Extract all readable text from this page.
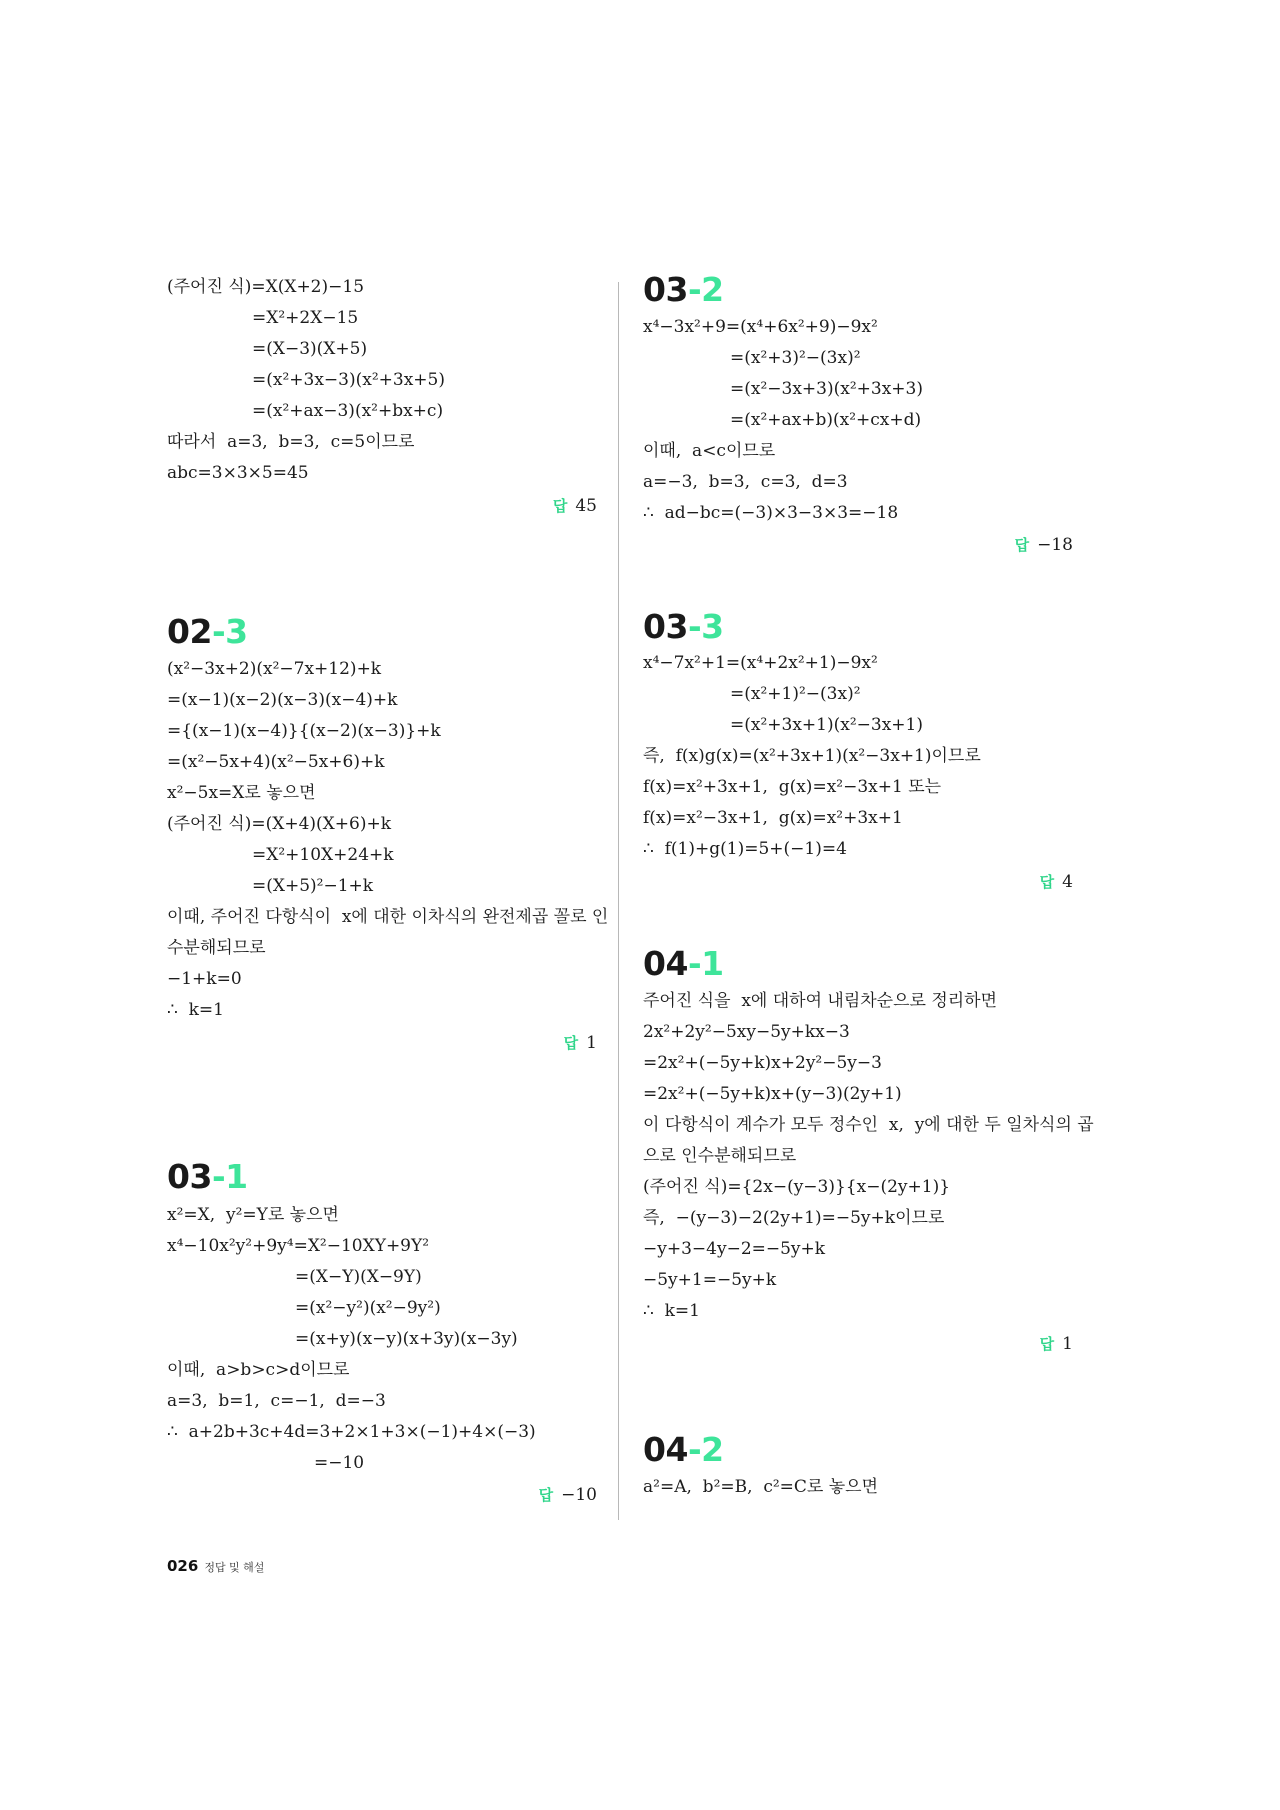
(주어진 식)=X(X+2)−15
=X²+2X−15
=(X−3)(X+5)
=(x²+3x−3)(x²+3x+5)
=(x²+ax−3)(x²+bx+c)
따라서  a=3,  b=3,  c=5이므로
abc=3×3×5=45
답 45
02-3
(x²−3x+2)(x²−7x+12)+k
=(x−1)(x−2)(x−3)(x−4)+k
={(x−1)(x−4)}{(x−2)(x−3)}+k
=(x²−5x+4)(x²−5x+6)+k
x²−5x=X로 놓으면
(주어진 식)=(X+4)(X+6)+k
=X²+10X+24+k
=(X+5)²−1+k
이때, 주어진 다항식이  x에 대한 이차식의 완전제곱 꼴로 인
수분해되므로
−1+k=0
∴  k=1
답 1
03-1
x²=X,  y²=Y로 놓으면
x⁴−10x²y²+9y⁴=X²−10XY+9Y²
=(X−Y)(X−9Y)
=(x²−y²)(x²−9y²)
=(x+y)(x−y)(x+3y)(x−3y)
이때,  a>b>c>d이므로
a=3,  b=1,  c=−1,  d=−3
∴  a+2b+3c+4d=3+2×1+3×(−1)+4×(−3)
=−10
답 −10
03-2
x⁴−3x²+9=(x⁴+6x²+9)−9x²
=(x²+3)²−(3x)²
=(x²−3x+3)(x²+3x+3)
=(x²+ax+b)(x²+cx+d)
이때,  a<c이므로
a=−3,  b=3,  c=3,  d=3
∴  ad−bc=(−3)×3−3×3=−18
답 −18
03-3
x⁴−7x²+1=(x⁴+2x²+1)−9x²
=(x²+1)²−(3x)²
=(x²+3x+1)(x²−3x+1)
즉,  f(x)g(x)=(x²+3x+1)(x²−3x+1)이므로
f(x)=x²+3x+1,  g(x)=x²−3x+1 또는
f(x)=x²−3x+1,  g(x)=x²+3x+1
∴  f(1)+g(1)=5+(−1)=4
답 4
04-1
주어진 식을  x에 대하여 내림차순으로 정리하면
2x²+2y²−5xy−5y+kx−3
=2x²+(−5y+k)x+2y²−5y−3
=2x²+(−5y+k)x+(y−3)(2y+1)
이 다항식이 계수가 모두 정수인  x,  y에 대한 두 일차식의 곱
으로 인수분해되므로
(주어진 식)={2x−(y−3)}{x−(2y+1)}
즉,  −(y−3)−2(2y+1)=−5y+k이므로
−y+3−4y−2=−5y+k
−5y+1=−5y+k
∴  k=1
답 1
04-2
a²=A,  b²=B,  c²=C로 놓으면
026 정답 및 해설
